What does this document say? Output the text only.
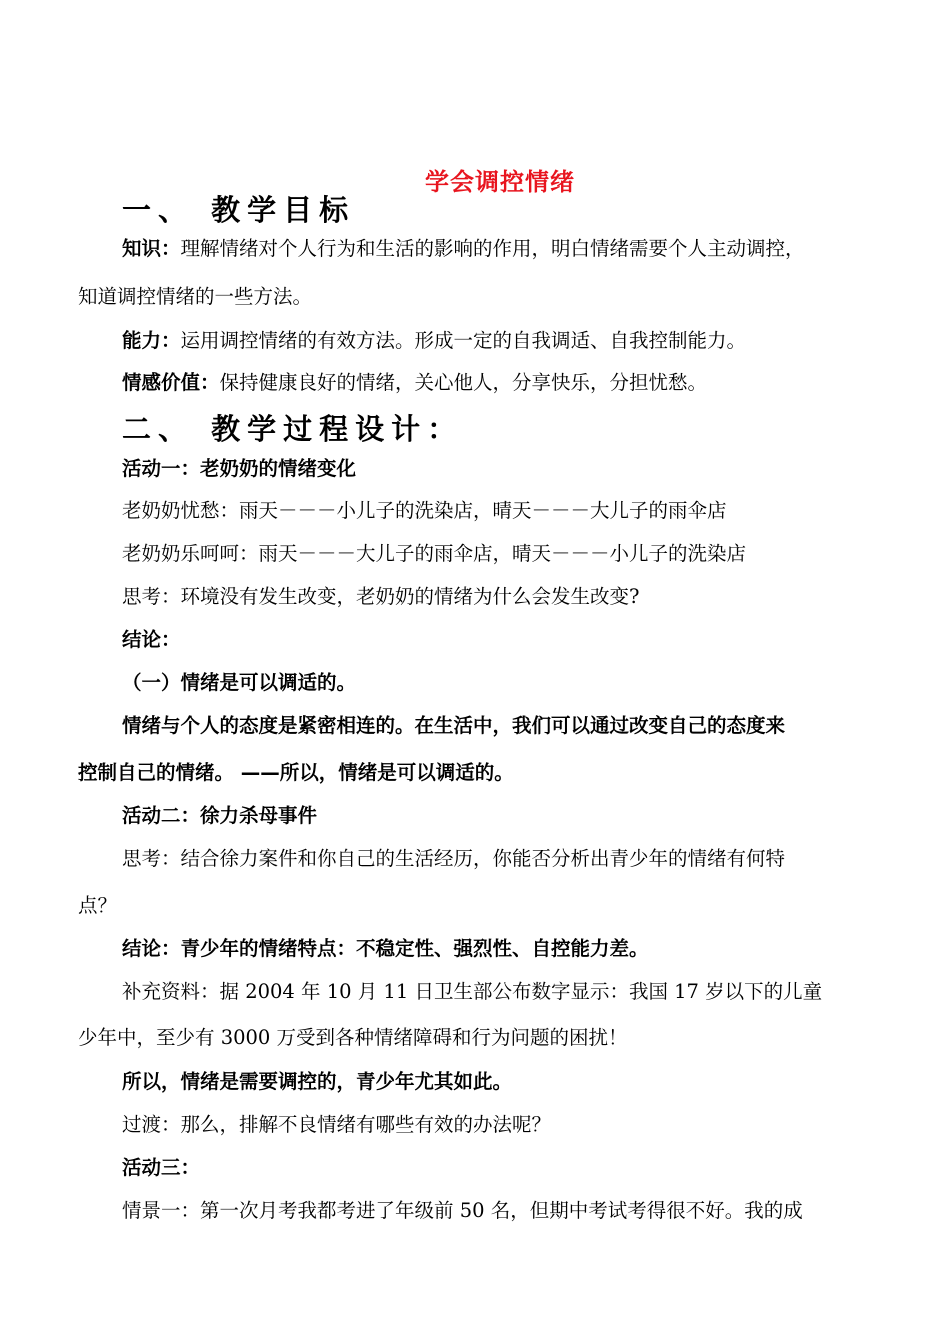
学会调控情绪
一、 教学目标
知识：理解情绪对个人行为和生活的影响的作用，明白情绪需要个人主动调控，
知道调控情绪的一些方法。
能力：运用调控情绪的有效方法。形成一定的自我调适、自我控制能力。
情感价值：保持健康良好的情绪，关心他人，分享快乐，分担忧愁。
二、 教学过程设计：
活动一：老奶奶的情绪变化
老奶奶忧愁：雨天－－－小儿子的洗染店，晴天－－－大儿子的雨伞店
老奶奶乐呵呵：雨天－－－大儿子的雨伞店，晴天－－－小儿子的洗染店
思考：环境没有发生改变，老奶奶的情绪为什么会发生改变?
结论：
（一）情绪是可以调适的。
情绪与个人的态度是紧密相连的。在生活中，我们可以通过改变自己的态度来
控制自己的情绪。 ——所以，情绪是可以调适的。
活动二：徐力杀母事件
思考：结合徐力案件和你自己的生活经历，你能否分析出青少年的情绪有何特
点？
结论：青少年的情绪特点：不稳定性、强烈性、自控能力差。
补充资料：据 2004 年 10 月 11 日卫生部公布数字显示：我国 17 岁以下的儿童
少年中，至少有 3000 万受到各种情绪障碍和行为问题的困扰！
所以，情绪是需要调控的，青少年尤其如此。
过渡：那么，排解不良情绪有哪些有效的办法呢？
活动三：
情景一：第一次月考我都考进了年级前 50 名，但期中考试考得很不好。我的成
